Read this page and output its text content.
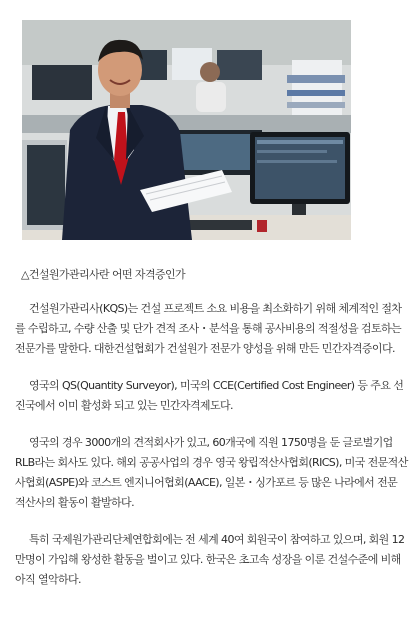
△건설원가관리사란 어떤 자격증인가

건설원가관리사(KQS)는 건설 프로젝트 소요 비용을 최소화하기 위해 체계적인 절차를 수립하고, 수량 산출 및 단가 견적 조사・분석을 통해 공사비용의 적절성을 검토하는 전문가를 말한다. 대한건설협회가 건설원가 전문가 양성을 위해 만든 민간자격증이다.

영국의 QS(Quantity Surveyor), 미국의 CCE(Certified Cost Engineer) 등 주요 선진국에서 이미 활성화 되고 있는 민간자격제도다.

영국의 경우 3000개의 견적회사가 있고, 60개국에 직원 1750명을 둔 글로벌기업 RLB라는 회사도 있다. 해외 공공사업의 경우 영국 왕립적산사협회(RICS), 미국 전문적산사협회(ASPE)와 코스트 엔지니어협회(AACE), 일본・싱가포르 등 많은 나라에서 전문 적산사의 활동이 활발하다.

특히 국제원가관리단체연합회에는 전 세계 40여 회원국이 참여하고 있으며, 회원 12만명이 가입해 왕성한 활동을 벌이고 있다. 한국은 초고속 성장을 이룬 건설수준에 비해 아직 열악하다.
